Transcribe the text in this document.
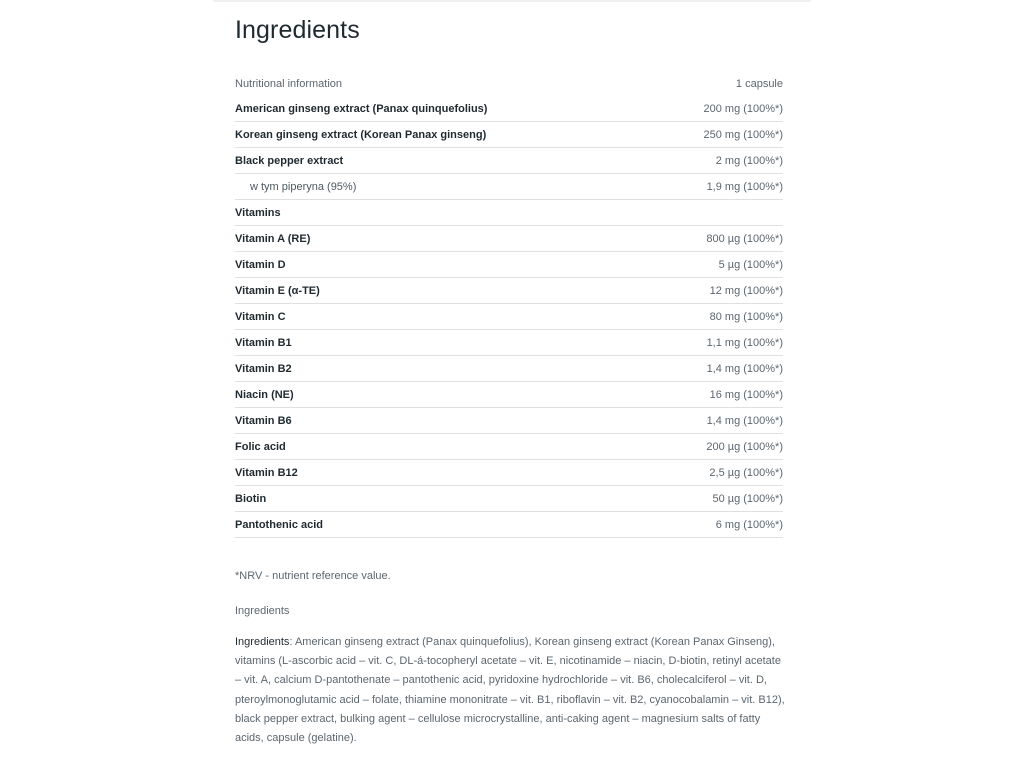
Ingredients
Nutritional information	1 capsule
American ginseng extract (Panax quinquefolius)	200 mg (100%*)
Korean ginseng extract (Korean Panax ginseng)	250 mg (100%*)
Black pepper extract	2 mg (100%*)
w tym piperyna (95%)	1,9 mg (100%*)
Vitamins
Vitamin A (RE)	800 µg (100%*)
Vitamin D	5 µg (100%*)
Vitamin E (α-TE)	12 mg (100%*)
Vitamin C	80 mg (100%*)
Vitamin B1	1,1 mg (100%*)
Vitamin B2	1,4 mg (100%*)
Niacin (NE)	16 mg (100%*)
Vitamin B6	1,4 mg (100%*)
Folic acid	200 µg (100%*)
Vitamin B12	2,5 µg (100%*)
Biotin	50 µg (100%*)
Pantothenic acid	6 mg (100%*)
*NRV - nutrient reference value.
Ingredients
Ingredients: American ginseng extract (Panax quinquefolius), Korean ginseng extract (Korean Panax Ginseng), vitamins (L-ascorbic acid – vit. C, DL-á-tocopheryl acetate – vit. E, nicotinamide – niacin, D-biotin, retinyl acetate – vit. A, calcium D-pantothenate – pantothenic acid, pyridoxine hydrochloride – vit. B6, cholecalciferol – vit. D, pteroylmonoglutamic acid – folate, thiamine mononitrate – vit. B1, riboflavin – vit. B2, cyanocobalamin – vit. B12), black pepper extract, bulking agent – cellulose microcrystalline, anti-caking agent – magnesium salts of fatty acids, capsule (gelatine).
